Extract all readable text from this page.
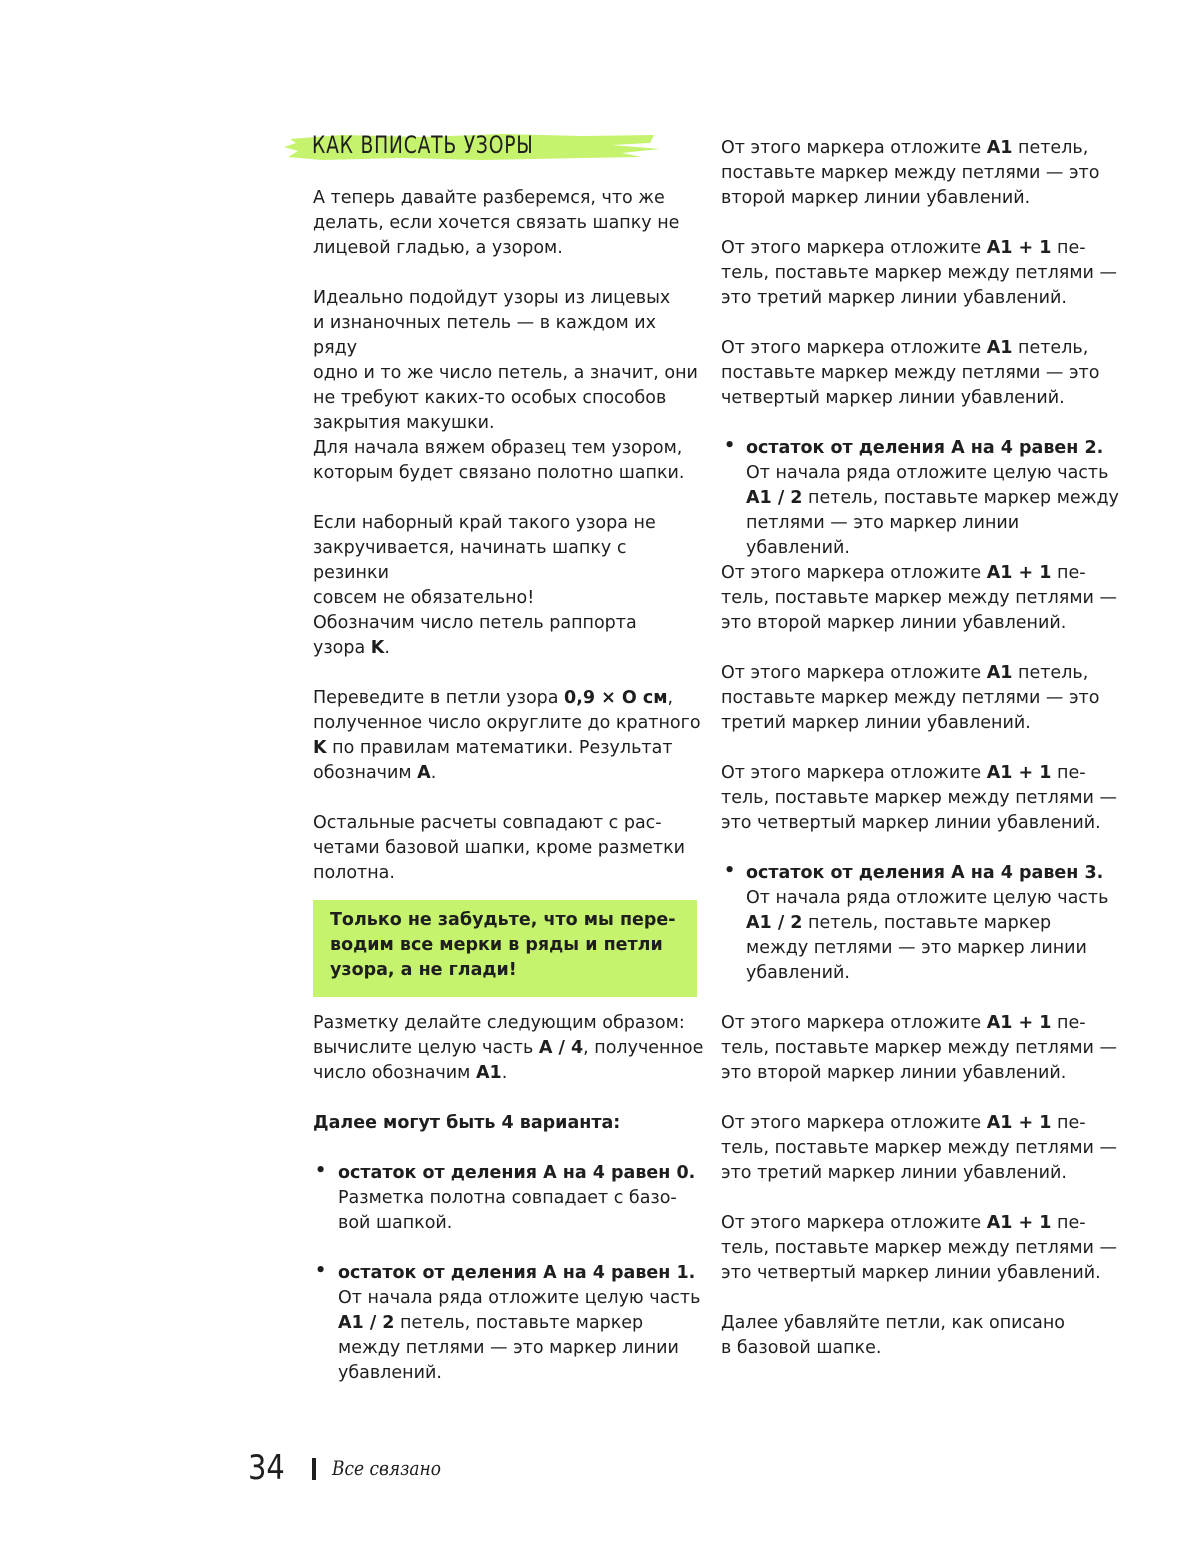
КАК ВПИСАТЬ УЗОРЫ

А теперь давайте разберемся, что же
делать, если хочется связать шапку не
лицевой гладью, а узором.

Идеально подойдут узоры из лицевых
и изнаночных петель — в каждом их ряду
одно и то же число петель, а значит, они
не требуют каких-то особых способов
закрытия макушки.

Для начала вяжем образец тем узором,
которым будет связано полотно шапки.

Если наборный край такого узора не
закручивается, начинать шапку с резинки
совсем не обязательно!

Обозначим число петель раппорта
узора K.

Переведите в петли узора 0,9 × О см,
полученное число округлите до кратного
K по правилам математики. Результат
обозначим A.

Остальные расчеты совпадают с рас-
четами базовой шапки, кроме разметки
полотна.

Только не забудьте, что мы пере-
водим все мерки в ряды и петли
узора, а не глади!

Разметку делайте следующим образом:
вычислите целую часть A / 4, полученное
число обозначим A1.

Далее могут быть 4 варианта:

• остаток от деления А на 4 равен 0.

Разметка полотна совпадает с базо-
вой шапкой.

• остаток от деления А на 4 равен 1.

От начала ряда отложите целую часть
A1 / 2 петель, поставьте маркер
между петлями — это маркер линии
убавлений.

От этого маркера отложите A1 петель,
поставьте маркер между петлями — это
второй маркер линии убавлений.

От этого маркера отложите A1 + 1 пе-
тель, поставьте маркер между петлями —
это третий маркер линии убавлений.

От этого маркера отложите A1 петель,
поставьте маркер между петлями — это
четвертый маркер линии убавлений.

• остаток от деления А на 4 равен 2.

От начала ряда отложите целую часть
A1 / 2 петель, поставьте маркер между
петлями — это маркер линии убавлений.

От этого маркера отложите A1 + 1 пе-
тель, поставьте маркер между петлями —
это второй маркер линии убавлений.

От этого маркера отложите A1 петель,
поставьте маркер между петлями — это
третий маркер линии убавлений.

От этого маркера отложите A1 + 1 пе-
тель, поставьте маркер между петлями —
это четвертый маркер линии убавлений.

• остаток от деления А на 4 равен 3.

От начала ряда отложите целую часть
A1 / 2 петель, поставьте маркер
между петлями — это маркер линии
убавлений.

От этого маркера отложите A1 + 1 пе-
тель, поставьте маркер между петлями —
это второй маркер линии убавлений.

От этого маркера отложите A1 + 1 пе-
тель, поставьте маркер между петлями —
это третий маркер линии убавлений.

От этого маркера отложите A1 + 1 пе-
тель, поставьте маркер между петлями —
это четвертый маркер линии убавлений.

Далее убавляйте петли, как описано
в базовой шапке.

34 Все связано
